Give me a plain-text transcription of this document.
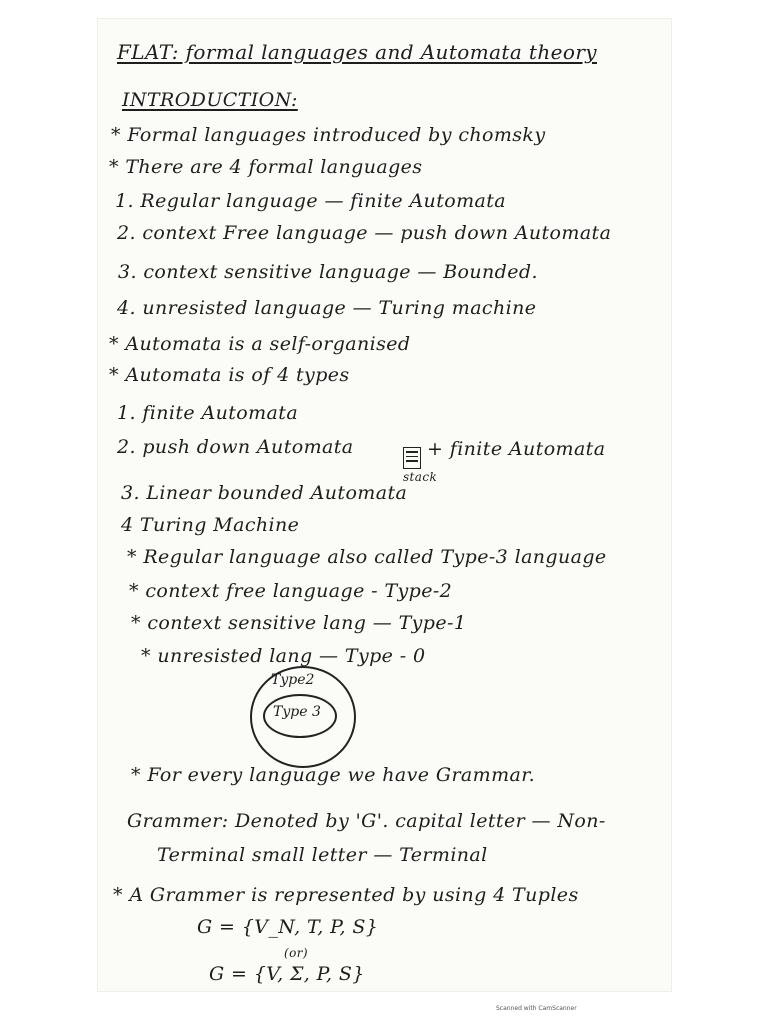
FLAT: formal languages and Automata theory
INTRODUCTION:
* Formal languages introduced by chomsky
* There are 4 formal languages
1. Regular language — finite Automata
2. context Free language — push down Automata
3. context sensitive language — Bounded.
4. unresisted language — Turing machine
* Automata is a self-organised
* Automata is of 4 types
1. finite Automata
2. push down Automata	+ finite Automata
stack
3. Linear bounded Automata
4 Turing Machine
* Regular language also called Type-3 language
* context free language - Type-2
* context sensitive lang — Type-1
* unresisted lang — Type - 0
Type2
Type 3
* For every language we have Grammar.
Grammer: Denoted by 'G'. capital letter — Non-
Terminal small letter — Terminal
* A Grammer is represented by using 4 Tuples
G = {V_N, T, P, S}
(or)
G = {V, Σ, P, S}
Scanned with CamScanner
